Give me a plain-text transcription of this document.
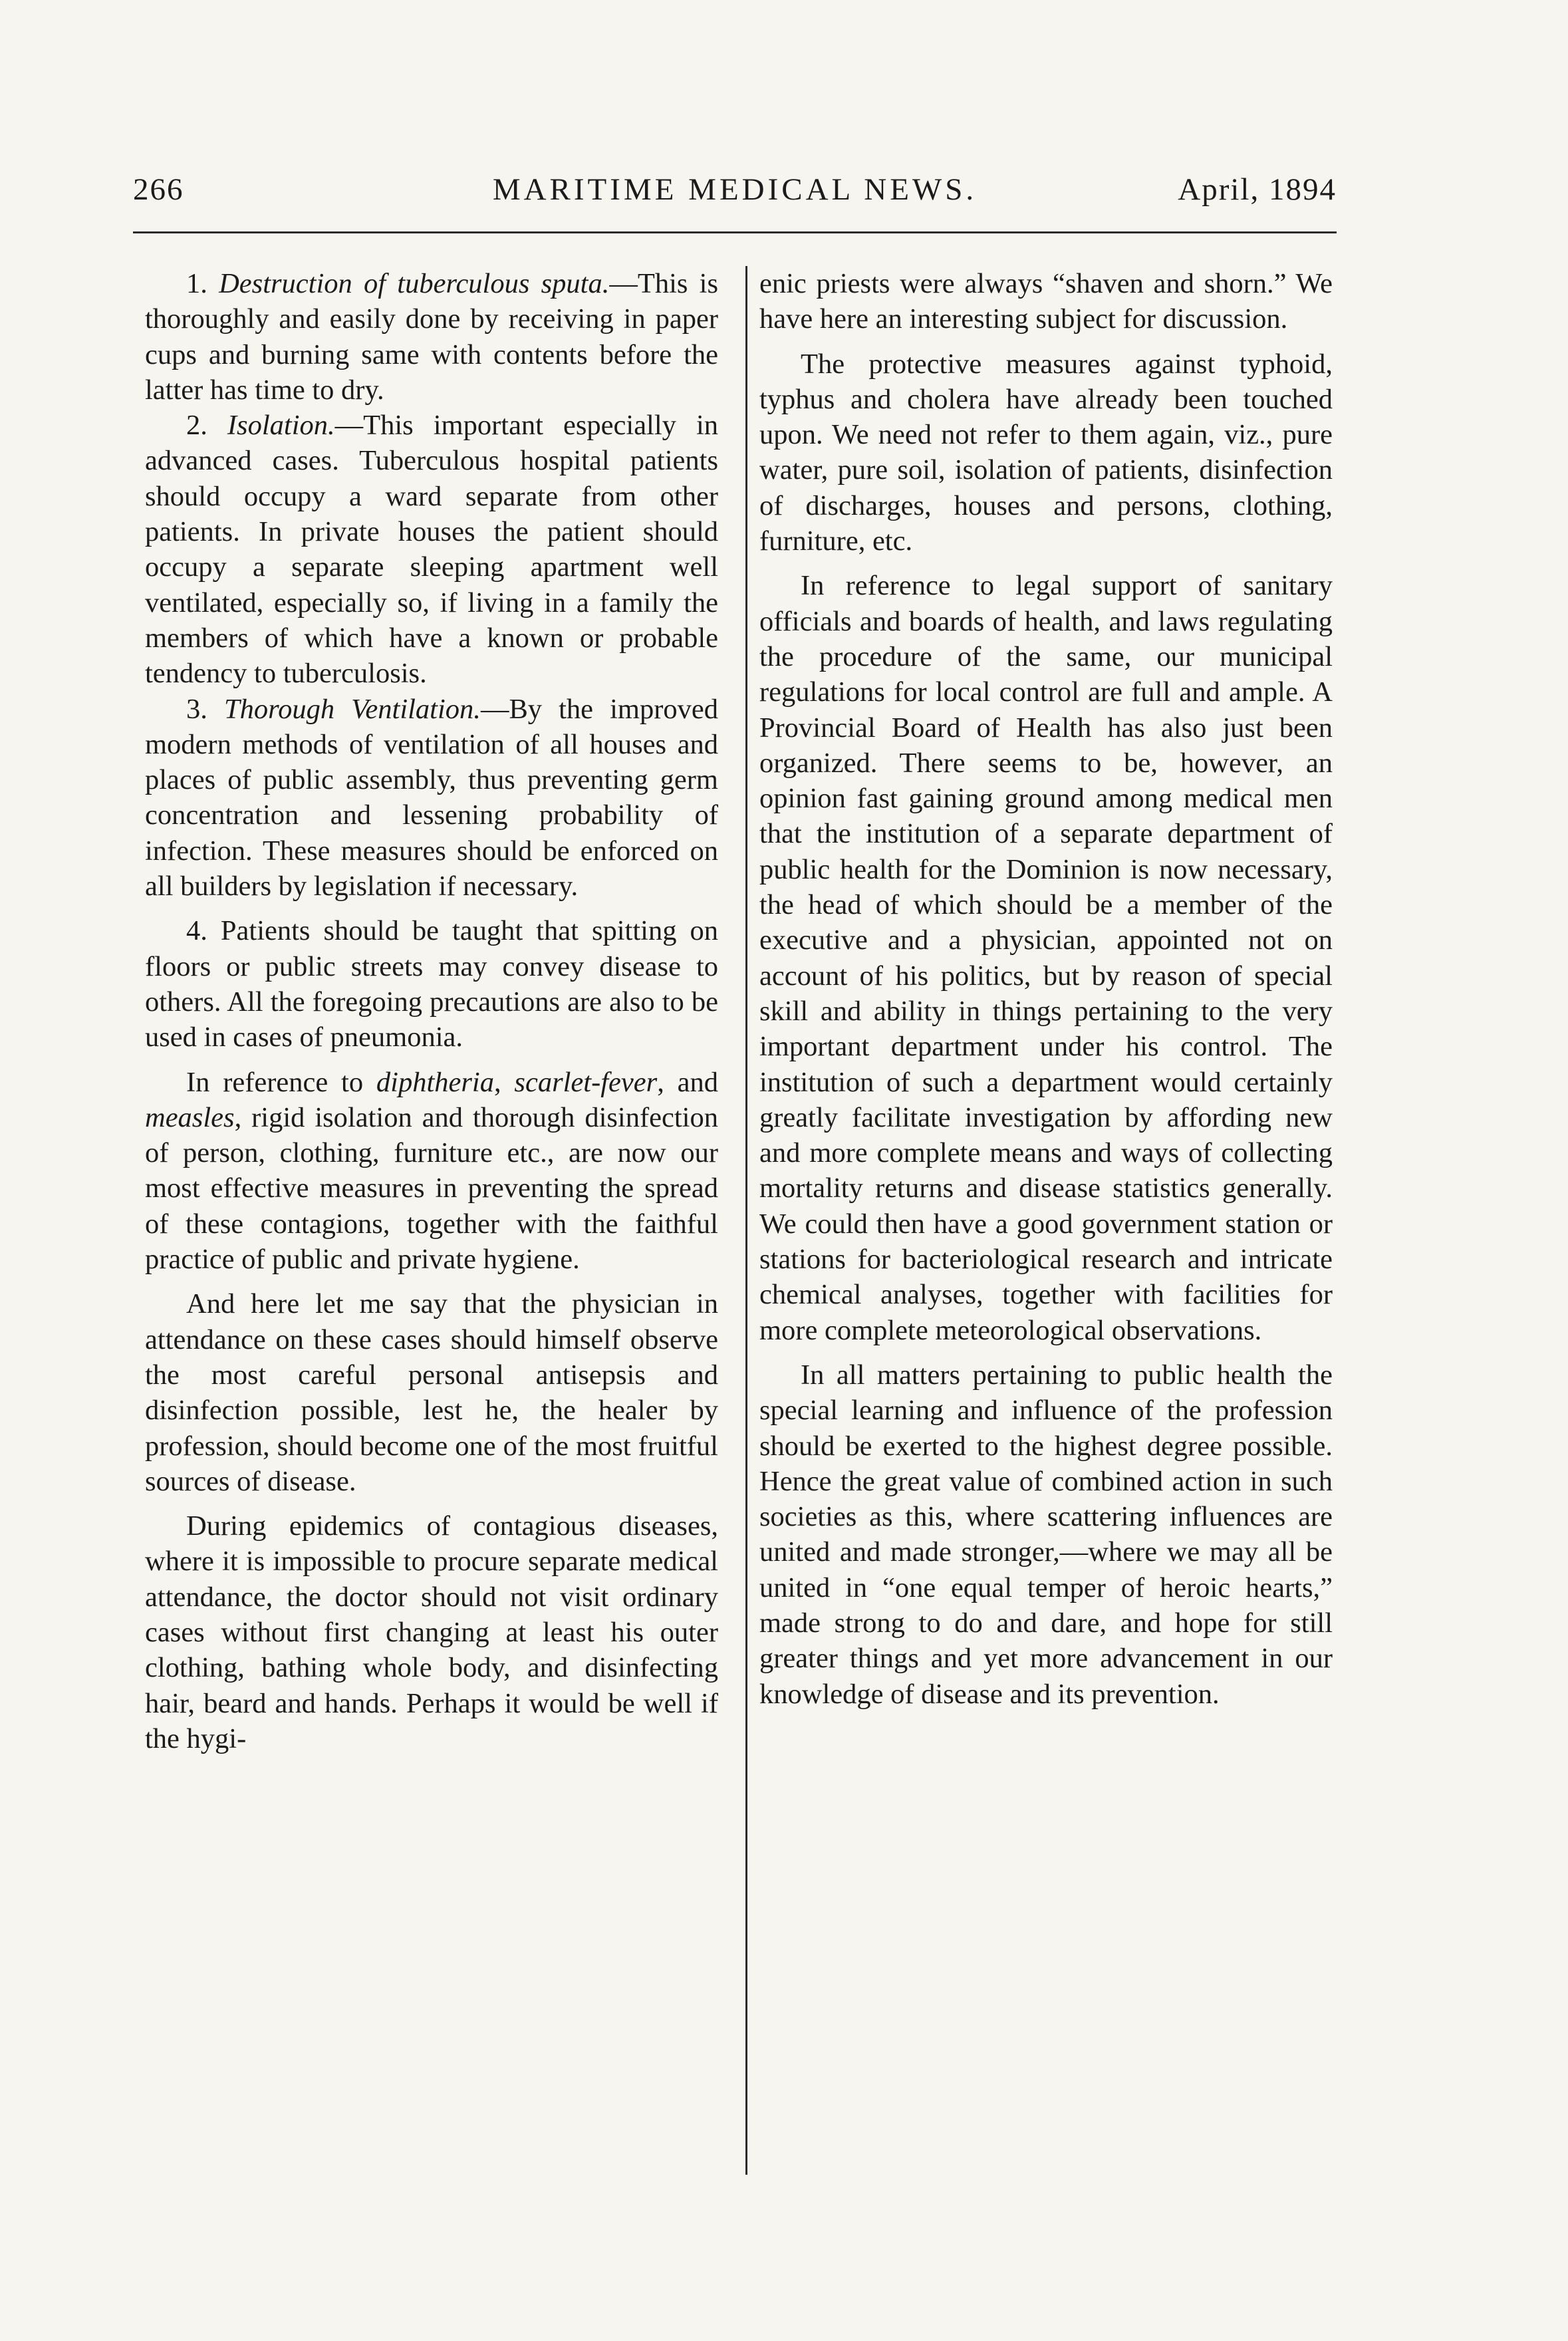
266	MARITIME MEDICAL NEWS.	April, 1894

1. Destruction of tuberculous sputa.—This is thoroughly and easily done by receiving in paper cups and burning same with contents before the latter has time to dry.

2. Isolation.—This important especially in advanced cases. Tuberculous hospital patients should occupy a ward separate from other patients. In private houses the patient should occupy a separate sleeping apartment well ventilated, especially so, if living in a family the members of which have a known or probable tendency to tuberculosis.

3. Thorough Ventilation.—By the improved modern methods of ventilation of all houses and places of public assembly, thus preventing germ concentration and lessening probability of infection. These measures should be enforced on all builders by legislation if necessary.

4. Patients should be taught that spitting on floors or public streets may convey disease to others. All the foregoing precautions are also to be used in cases of pneumonia.

In reference to diphtheria, scarlet-fever, and measles, rigid isolation and thorough disinfection of person, clothing, furniture etc., are now our most effective measures in preventing the spread of these contagions, together with the faithful practice of public and private hygiene.

And here let me say that the physician in attendance on these cases should himself observe the most careful personal antisepsis and disinfection possible, lest he, the healer by profession, should become one of the most fruitful sources of disease.

During epidemics of contagious diseases, where it is impossible to procure separate medical attendance, the doctor should not visit ordinary cases without first changing at least his outer clothing, bathing whole body, and disinfecting hair, beard and hands. Perhaps it would be well if the hygi-

enic priests were always “shaven and shorn.” We have here an interesting subject for discussion.

The protective measures against typhoid, typhus and cholera have already been touched upon. We need not refer to them again, viz., pure water, pure soil, isolation of patients, disinfection of discharges, houses and persons, clothing, furniture, etc.

In reference to legal support of sanitary officials and boards of health, and laws regulating the procedure of the same, our municipal regulations for local control are full and ample. A Provincial Board of Health has also just been organized. There seems to be, however, an opinion fast gaining ground among medical men that the institution of a separate department of public health for the Dominion is now necessary, the head of which should be a member of the executive and a physician, appointed not on account of his politics, but by reason of special skill and ability in things pertaining to the very important department under his control. The institution of such a department would certainly greatly facilitate investigation by affording new and more complete means and ways of collecting mortality returns and disease statistics generally. We could then have a good government station or stations for bacteriological research and intricate chemical analyses, together with facilities for more complete meteorological observations.

In all matters pertaining to public health the special learning and influence of the profession should be exerted to the highest degree possible. Hence the great value of combined action in such societies as this, where scattering influences are united and made stronger,—where we may all be united in “one equal temper of heroic hearts,” made strong to do and dare, and hope for still greater things and yet more advancement in our knowledge of disease and its prevention.
